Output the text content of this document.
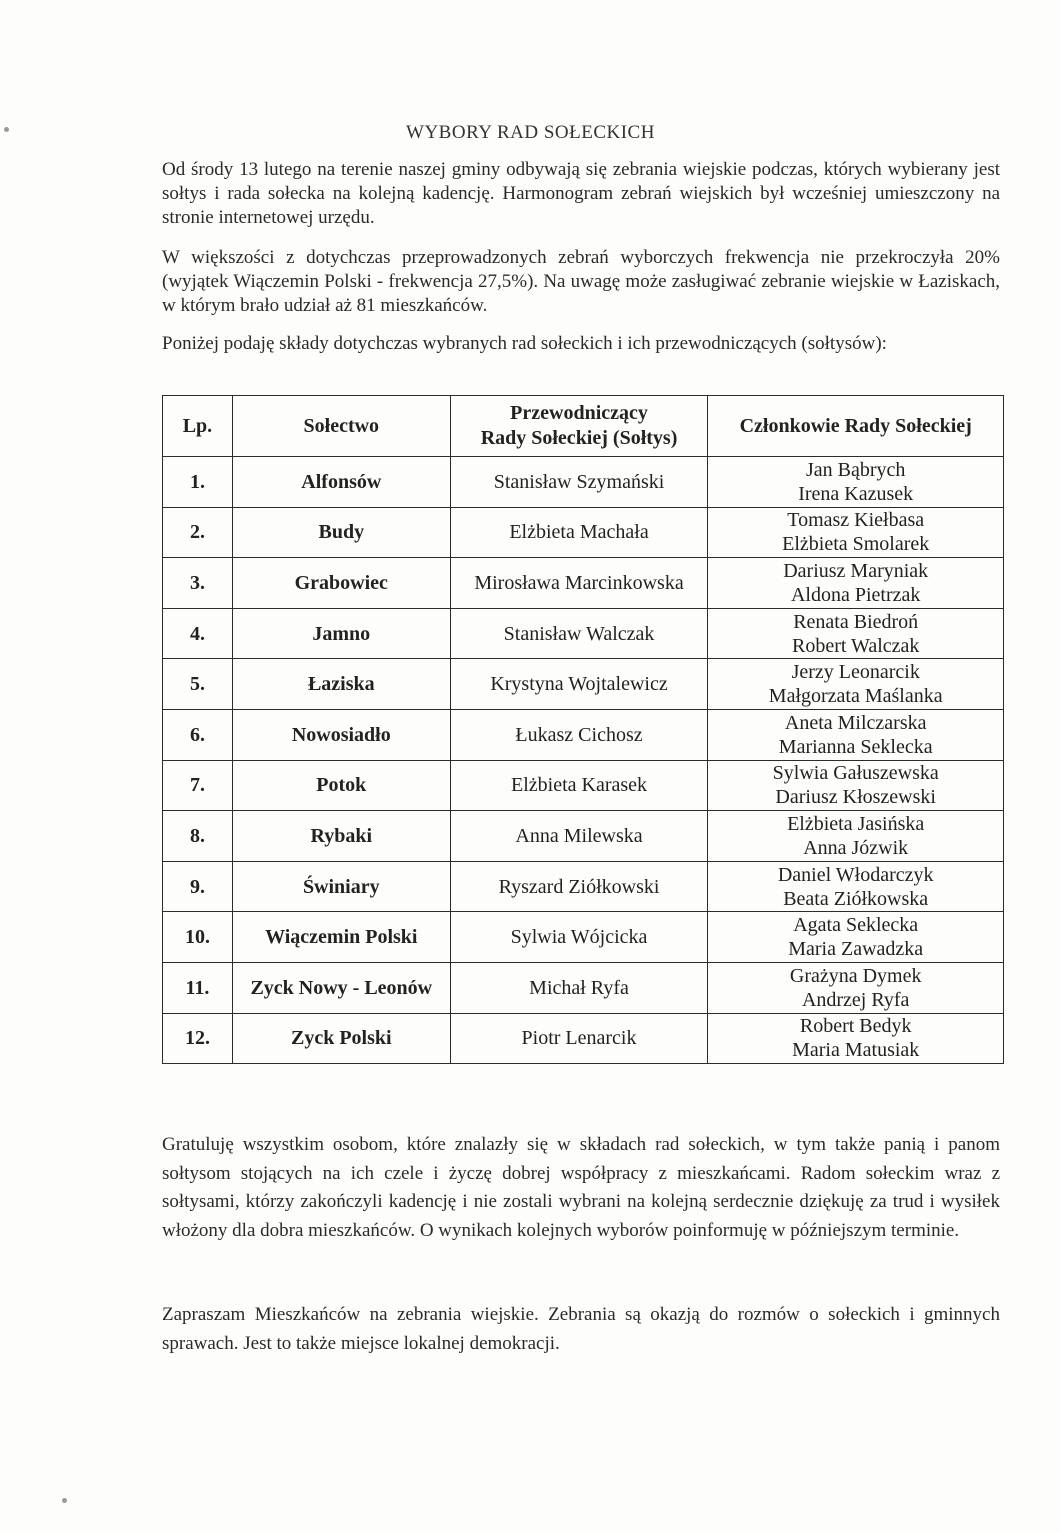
WYBORY RAD SOŁECKICH
Od środy 13 lutego na terenie naszej gminy odbywają się zebrania wiejskie podczas, których wybierany jest sołtys i rada sołecka na kolejną kadencję. Harmonogram zebrań wiejskich był wcześniej umieszczony na stronie internetowej urzędu.
W większości z dotychczas przeprowadzonych zebrań wyborczych frekwencja nie przekroczyła 20% (wyjątek Wiączemin Polski - frekwencja 27,5%). Na uwagę może zasługiwać zebranie wiejskie w Łaziskach, w którym brało udział aż 81 mieszkańców.
Poniżej podaję składy dotychczas wybranych rad sołeckich i ich przewodniczących (sołtysów):
Lp.	Sołectwo	Przewodniczący
Rady Sołeckiej (Sołtys)	Członkowie Rady Sołeckiej
1.	Alfonsów	Stanisław Szymański	Jan Bąbrych
Irena Kazusek

2.	Budy	Elżbieta Machała	Tomasz Kiełbasa
Elżbieta Smolarek

3.	Grabowiec	Mirosława Marcinkowska	Dariusz Maryniak
Aldona Pietrzak

4.	Jamno	Stanisław Walczak	Renata Biedroń
Robert Walczak

5.	Łaziska	Krystyna Wojtalewicz	Jerzy Leonarcik
Małgorzata Maślanka

6.	Nowosiadło	Łukasz Cichosz	Aneta Milczarska
Marianna Seklecka

7.	Potok	Elżbieta Karasek	Sylwia Gałuszewska
Dariusz Kłoszewski

8.	Rybaki	Anna Milewska	Elżbieta Jasińska
Anna Józwik

9.	Świniary	Ryszard Ziółkowski	Daniel Włodarczyk
Beata Ziółkowska

10.	Wiączemin Polski	Sylwia Wójcicka	Agata Seklecka
Maria Zawadzka

11.	Zyck Nowy - Leonów	Michał Ryfa	Grażyna Dymek
Andrzej Ryfa

12.	Zyck Polski	Piotr Lenarcik	Robert Bedyk
Maria Matusiak
Gratuluję wszystkim osobom, które znalazły się w składach rad sołeckich, w tym także panią i panom sołtysom stojących na ich czele i życzę dobrej współpracy z mieszkańcami. Radom sołeckim wraz z sołtysami, którzy zakończyli kadencję i nie zostali wybrani na kolejną serdecznie dziękuję za trud i wysiłek włożony dla dobra mieszkańców. O wynikach kolejnych wyborów poinformuję w późniejszym terminie.
Zapraszam Mieszkańców na zebrania wiejskie. Zebrania są okazją do rozmów o sołeckich i gminnych sprawach. Jest to także miejsce lokalnej demokracji.
